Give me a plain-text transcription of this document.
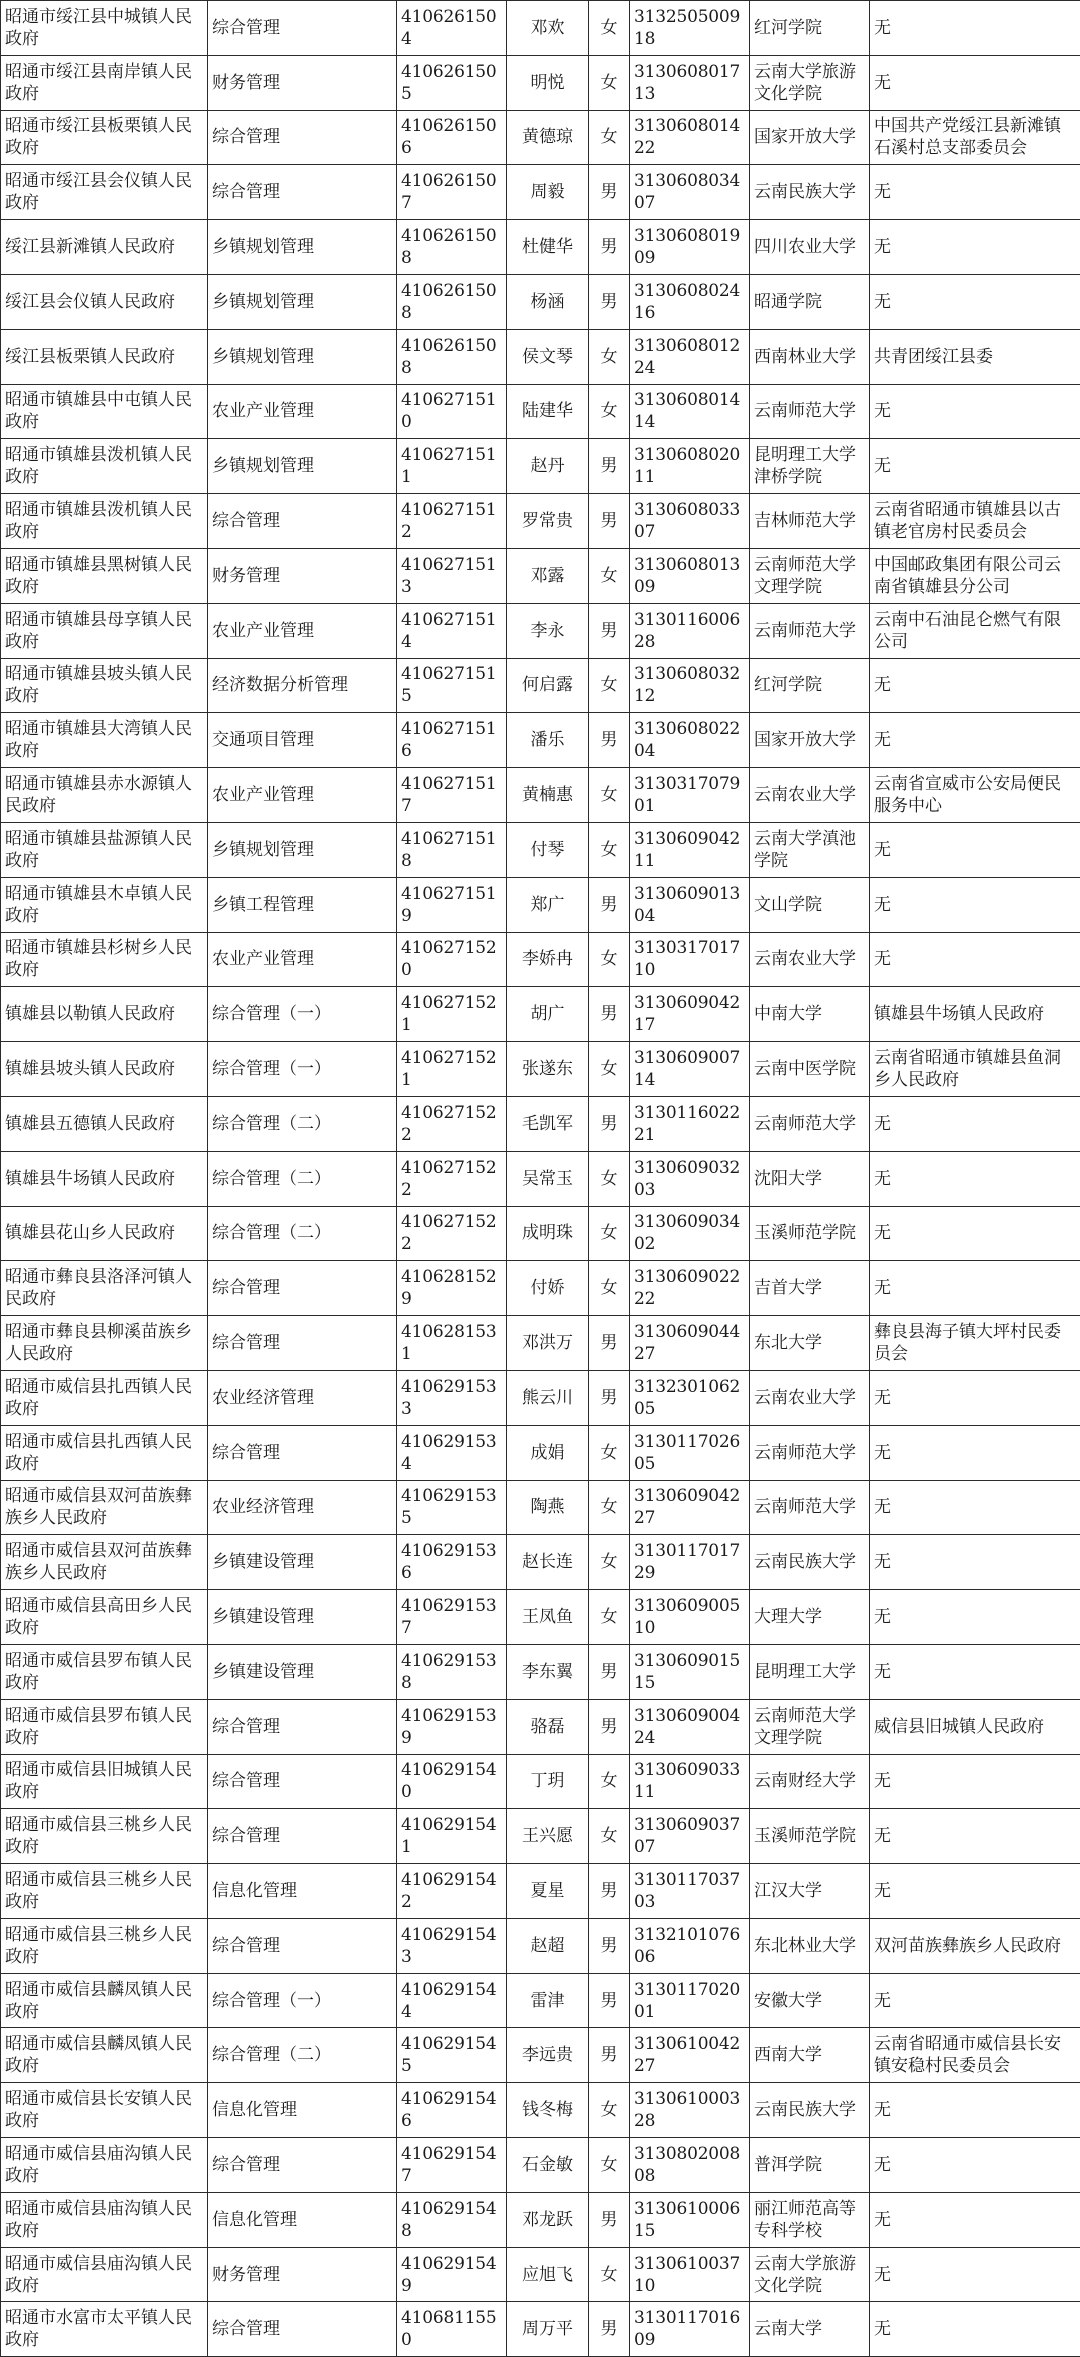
昭通市绥江县中城镇人民政府	综合管理	4106261504	邓欢	女	313250500918	红河学院	无
昭通市绥江县南岸镇人民政府	财务管理	4106261505	明悦	女	313060801713	云南大学旅游文化学院	无
昭通市绥江县板栗镇人民政府	综合管理	4106261506	黄德琼	女	313060801422	国家开放大学	中国共产党绥江县新滩镇石溪村总支部委员会
昭通市绥江县会仪镇人民政府	综合管理	4106261507	周毅	男	313060803407	云南民族大学	无
绥江县新滩镇人民政府	乡镇规划管理	4106261508	杜健华	男	313060801909	四川农业大学	无
绥江县会仪镇人民政府	乡镇规划管理	4106261508	杨涵	男	313060802416	昭通学院	无
绥江县板栗镇人民政府	乡镇规划管理	4106261508	侯文琴	女	313060801224	西南林业大学	共青团绥江县委
昭通市镇雄县中屯镇人民政府	农业产业管理	4106271510	陆建华	女	313060801414	云南师范大学	无
昭通市镇雄县泼机镇人民政府	乡镇规划管理	4106271511	赵丹	男	313060802011	昆明理工大学津桥学院	无
昭通市镇雄县泼机镇人民政府	综合管理	4106271512	罗常贵	男	313060803307	吉林师范大学	云南省昭通市镇雄县以古镇老官房村民委员会
昭通市镇雄县黑树镇人民政府	财务管理	4106271513	邓露	女	313060801309	云南师范大学文理学院	中国邮政集团有限公司云南省镇雄县分公司
昭通市镇雄县母享镇人民政府	农业产业管理	4106271514	李永	男	313011600628	云南师范大学	云南中石油昆仑燃气有限公司
昭通市镇雄县坡头镇人民政府	经济数据分析管理	4106271515	何启露	女	313060803212	红河学院	无
昭通市镇雄县大湾镇人民政府	交通项目管理	4106271516	潘乐	男	313060802204	国家开放大学	无
昭通市镇雄县赤水源镇人民政府	农业产业管理	4106271517	黄楠惠	女	313031707901	云南农业大学	云南省宣威市公安局便民服务中心
昭通市镇雄县盐源镇人民政府	乡镇规划管理	4106271518	付琴	女	313060904211	云南大学滇池学院	无
昭通市镇雄县木卓镇人民政府	乡镇工程管理	4106271519	郑广	男	313060901304	文山学院	无
昭通市镇雄县杉树乡人民政府	农业产业管理	4106271520	李娇冉	女	313031701710	云南农业大学	无
镇雄县以勒镇人民政府	综合管理（一）	4106271521	胡广	男	313060904217	中南大学	镇雄县牛场镇人民政府
镇雄县坡头镇人民政府	综合管理（一）	4106271521	张遂东	女	313060900714	云南中医学院	云南省昭通市镇雄县鱼洞乡人民政府
镇雄县五德镇人民政府	综合管理（二）	4106271522	毛凯军	男	313011602221	云南师范大学	无
镇雄县牛场镇人民政府	综合管理（二）	4106271522	吴常玉	女	313060903203	沈阳大学	无
镇雄县花山乡人民政府	综合管理（二）	4106271522	成明珠	女	313060903402	玉溪师范学院	无
昭通市彝良县洛泽河镇人民政府	综合管理	4106281529	付娇	女	313060902222	吉首大学	无
昭通市彝良县柳溪苗族乡人民政府	综合管理	4106281531	邓洪万	男	313060904427	东北大学	彝良县海子镇大坪村民委员会
昭通市威信县扎西镇人民政府	农业经济管理	4106291533	熊云川	男	313230106205	云南农业大学	无
昭通市威信县扎西镇人民政府	综合管理	4106291534	成娟	女	313011702605	云南师范大学	无
昭通市威信县双河苗族彝族乡人民政府	农业经济管理	4106291535	陶燕	女	313060904227	云南师范大学	无
昭通市威信县双河苗族彝族乡人民政府	乡镇建设管理	4106291536	赵长连	女	313011701729	云南民族大学	无
昭通市威信县高田乡人民政府	乡镇建设管理	4106291537	王凤鱼	女	313060900510	大理大学	无
昭通市威信县罗布镇人民政府	乡镇建设管理	4106291538	李东翼	男	313060901515	昆明理工大学	无
昭通市威信县罗布镇人民政府	综合管理	4106291539	骆磊	男	313060900424	云南师范大学文理学院	威信县旧城镇人民政府
昭通市威信县旧城镇人民政府	综合管理	4106291540	丁玥	女	313060903311	云南财经大学	无
昭通市威信县三桃乡人民政府	综合管理	4106291541	王兴愿	女	313060903707	玉溪师范学院	无
昭通市威信县三桃乡人民政府	信息化管理	4106291542	夏星	男	313011703703	江汉大学	无
昭通市威信县三桃乡人民政府	综合管理	4106291543	赵超	男	313210107606	东北林业大学	双河苗族彝族乡人民政府
昭通市威信县麟凤镇人民政府	综合管理（一）	4106291544	雷津	男	313011702001	安徽大学	无
昭通市威信县麟凤镇人民政府	综合管理（二）	4106291545	李远贵	男	313061004227	西南大学	云南省昭通市威信县长安镇安稳村民委员会
昭通市威信县长安镇人民政府	信息化管理	4106291546	钱冬梅	女	313061000328	云南民族大学	无
昭通市威信县庙沟镇人民政府	综合管理	4106291547	石金敏	女	313080200808	普洱学院	无
昭通市威信县庙沟镇人民政府	信息化管理	4106291548	邓龙跃	男	313061000615	丽江师范高等专科学校	无
昭通市威信县庙沟镇人民政府	财务管理	4106291549	应旭飞	女	313061003710	云南大学旅游文化学院	无
昭通市水富市太平镇人民政府	综合管理	4106811550	周万平	男	313011701609	云南大学	无
